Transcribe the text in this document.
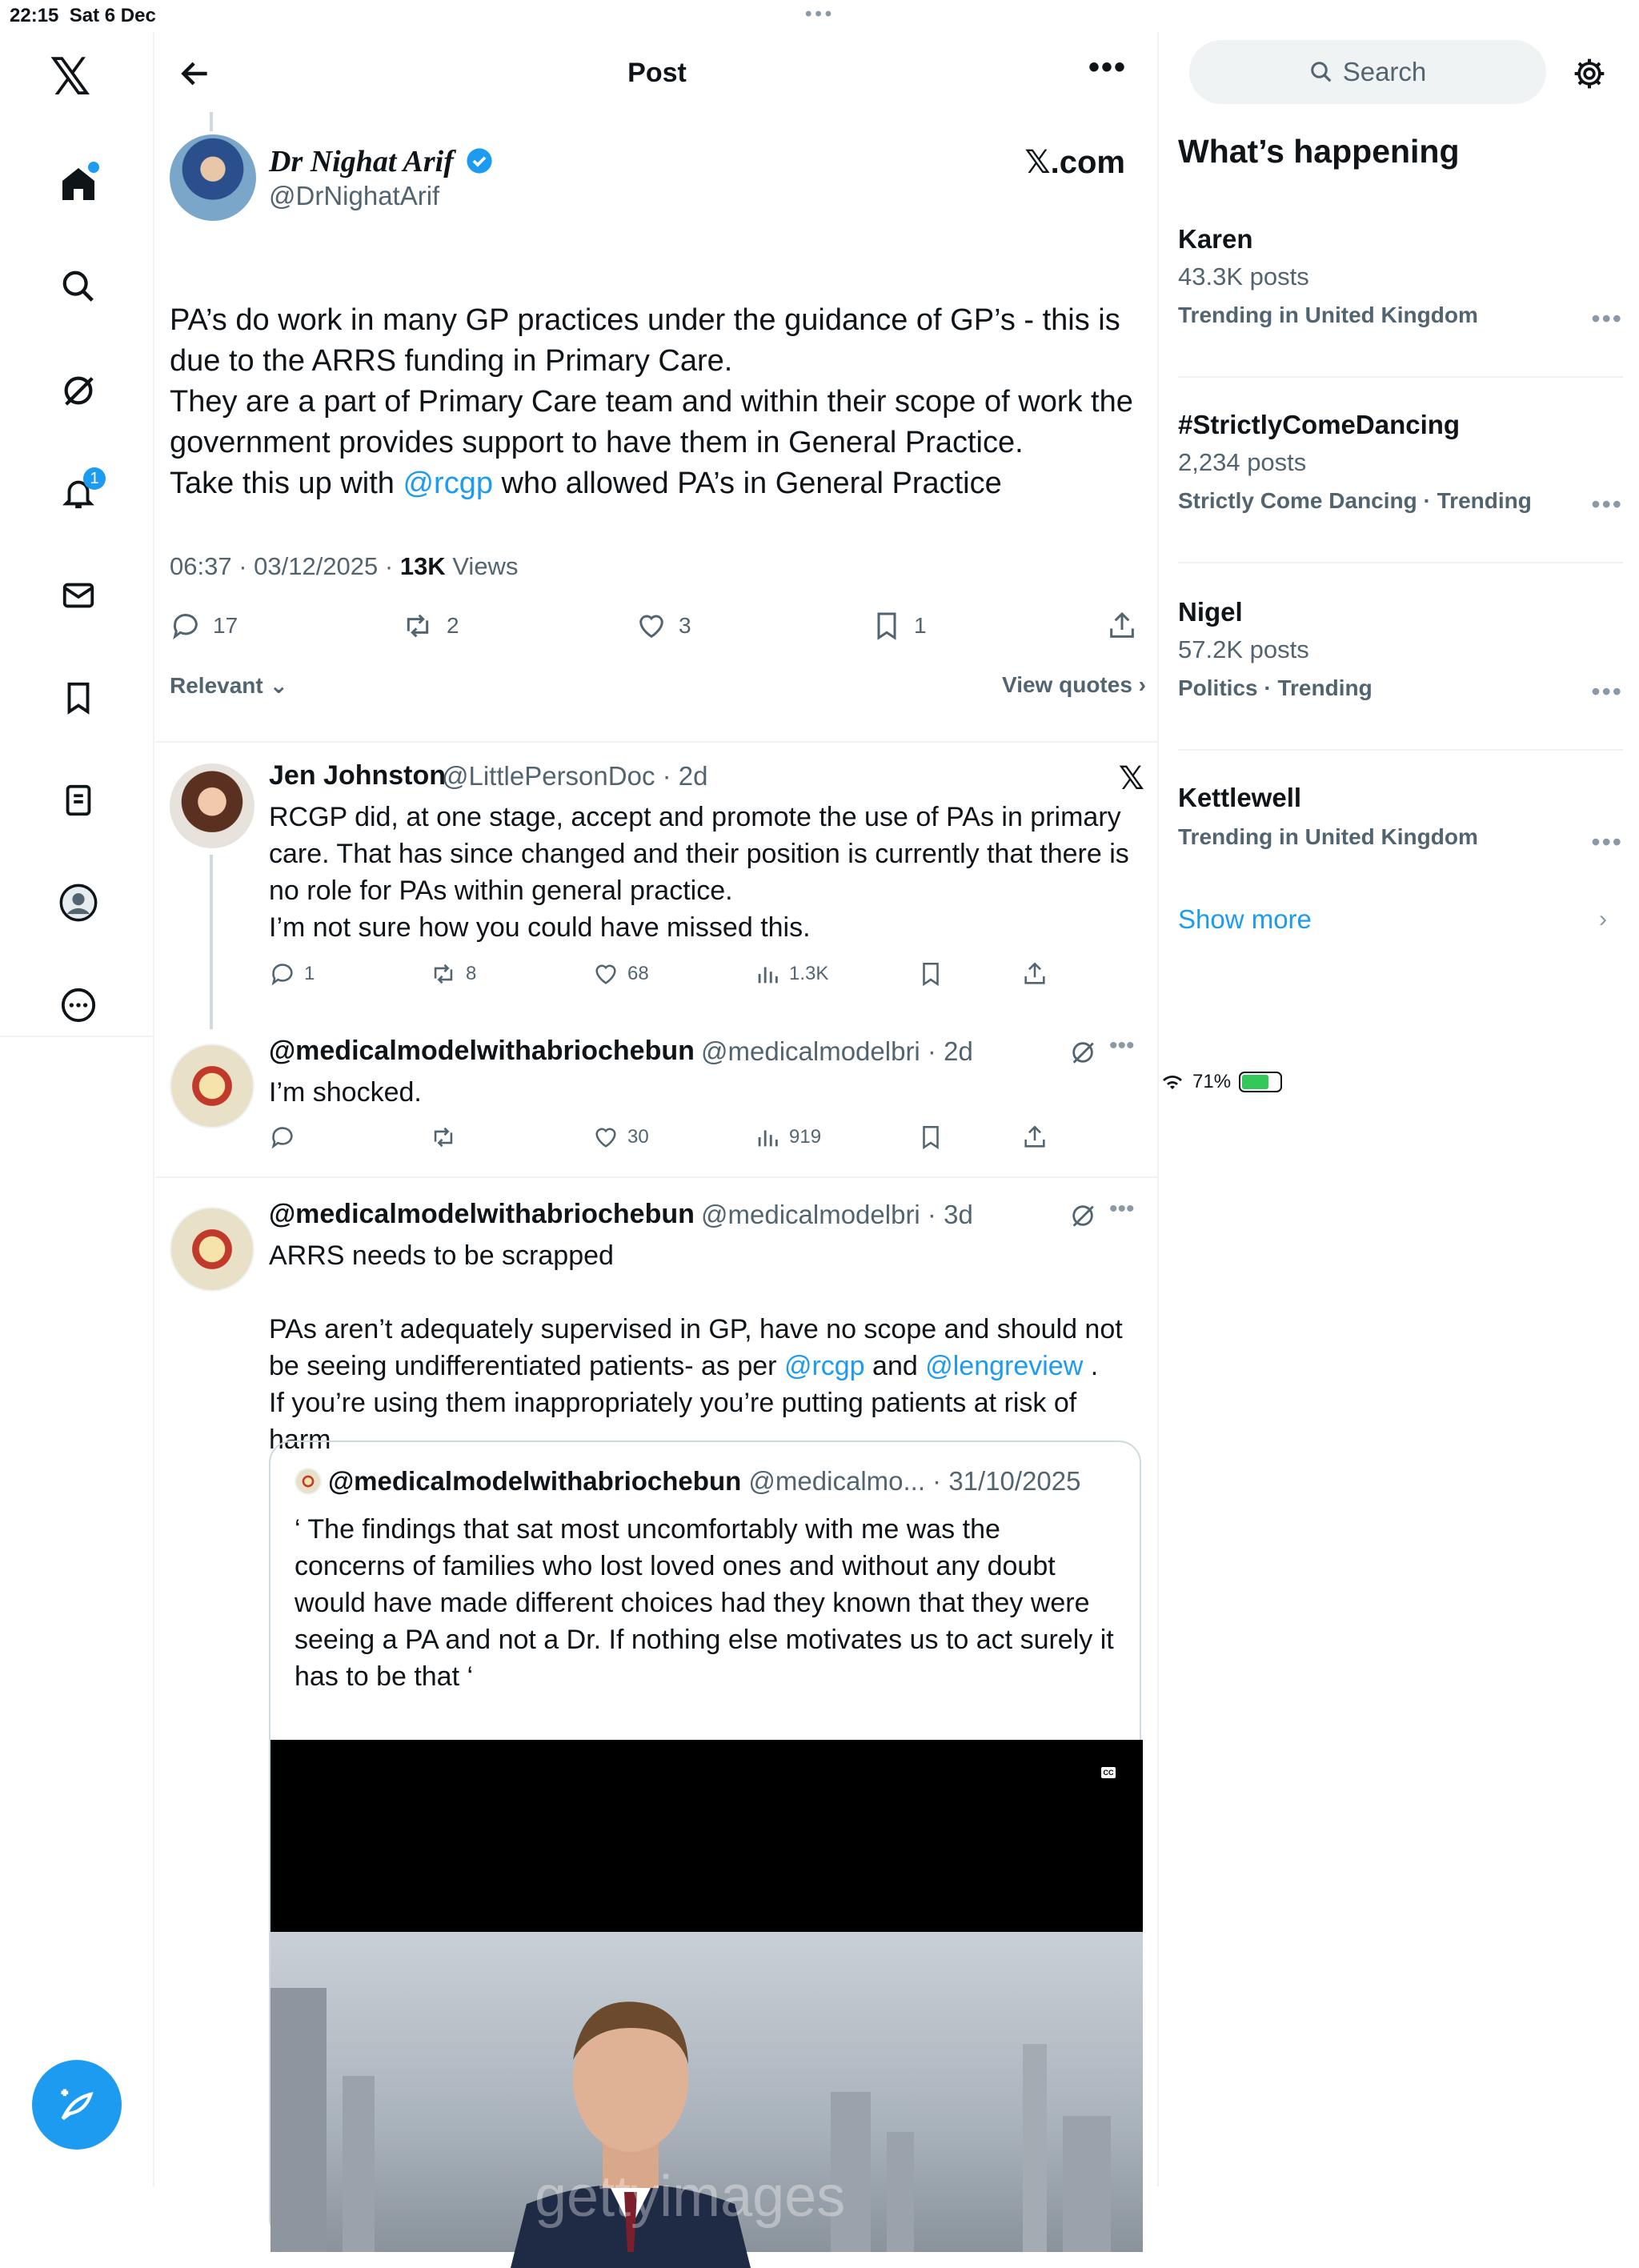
22:15 Sat 6 Dec	•••
71%
𝕏
1
Post	•••
Dr Nighat Arif
@DrNighatArif
𝕏.com
PA’s do work in many GP practices under the guidance of GP’s - this is
due to the ARRS funding in Primary Care.
They are a part of Primary Care team and within their scope of work the
government provides support to have them in General Practice.
Take this up with @rcgp who allowed PA’s in General Practice
06:37 · 03/12/2025 · 13K Views
17	2	3	1
Relevant ⌄	View quotes ›
Jen Johnston
@LittlePersonDoc · 2d	𝕏
RCGP did, at one stage, accept and promote the use of PAs in primary
care. That has since changed and their position is currently that there is
no role for PAs within general practice.
I’m not sure how you could have missed this.
1	8	68	1.3K
@medicalmodelwithabriochebun @medicalmodelbri · 2d	•••
I’m shocked.
30	919
@medicalmodelwithabriochebun @medicalmodelbri · 3d	•••
ARRS needs to be scrapped
PAs aren’t adequately supervised in GP, have no scope and should not
be seeing undifferentiated patients- as per @rcgp and @lengreview .
If you’re using them inappropriately you’re putting patients at risk of
harm
@medicalmodelwithabriochebun @medicalmo... · 31/10/2025
‘ The findings that sat most uncomfortably with me was the
concerns of families who lost loved ones and without any doubt
would have made different choices had they known that they were
seeing a PA and not a Dr. If nothing else motivates us to act surely it
has to be that ‘
CC
gettyimages
Search
What’s happening
Karen
43.3K posts
Trending in United Kingdom	•••
#StrictlyComeDancing
2,234 posts
Strictly Come Dancing · Trending	•••
Nigel
57.2K posts
Politics · Trending	•••
Kettlewell
Trending in United Kingdom	•••
Show more	›
